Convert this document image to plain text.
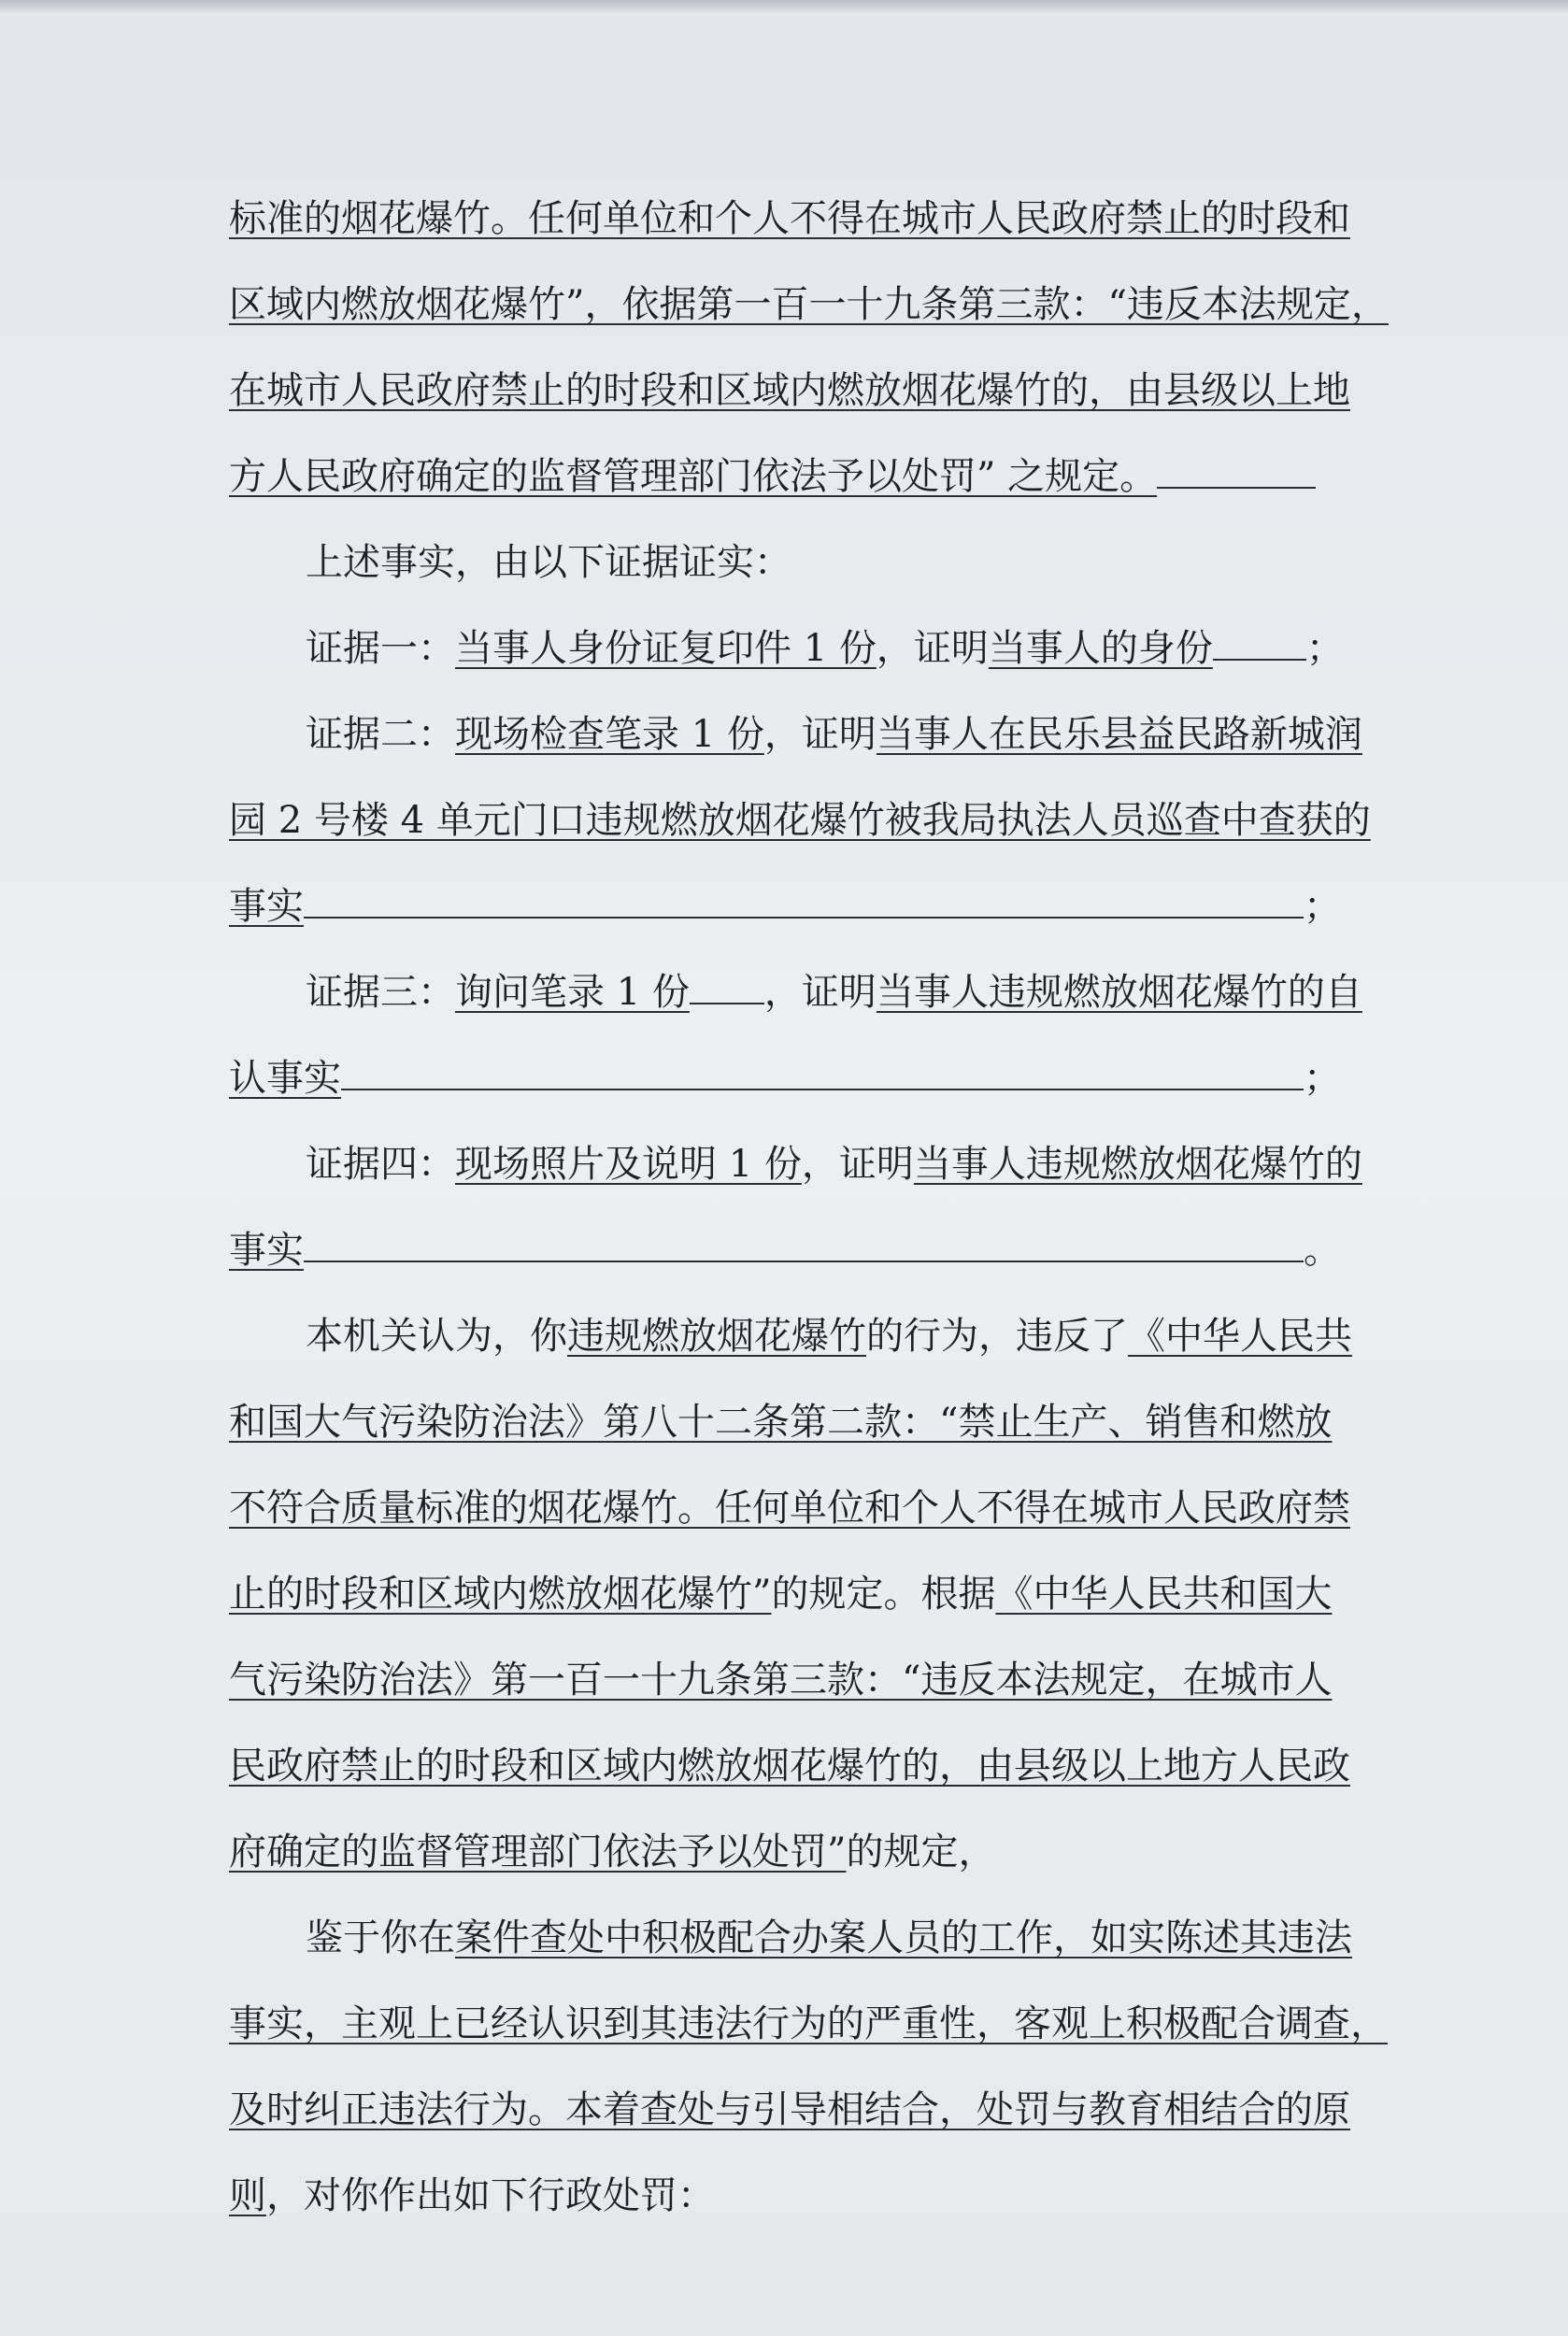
标准的烟花爆竹。任何单位和个人不得在城市人民政府禁止的时段和

区域内燃放烟花爆竹”，依据第一百一十九条第三款：“违反本法规定，

在城市人民政府禁止的时段和区域内燃放烟花爆竹的，由县级以上地

方人民政府确定的监督管理部门依法予以处罚” 之规定。

上述事实，由以下证据证实：

证据一：当事人身份证复印件 1 份，证明当事人的身份	；

证据二：现场检查笔录 1 份，证明当事人在民乐县益民路新城润

园 2 号楼 4 单元门口违规燃放烟花爆竹被我局执法人员巡查中查获的

事实	；

证据三：询问笔录 1 份 ，证明当事人违规燃放烟花爆竹的自

认事实	；

证据四：现场照片及说明 1 份，证明当事人违规燃放烟花爆竹的

事实	。

本机关认为，你违规燃放烟花爆竹的行为，违反了《中华人民共

和国大气污染防治法》第八十二条第二款：“禁止生产、销售和燃放

不符合质量标准的烟花爆竹。任何单位和个人不得在城市人民政府禁

止的时段和区域内燃放烟花爆竹”的规定。根据《中华人民共和国大

气污染防治法》第一百一十九条第三款：“违反本法规定，在城市人

民政府禁止的时段和区域内燃放烟花爆竹的，由县级以上地方人民政

府确定的监督管理部门依法予以处罚”的规定，

鉴于你在案件查处中积极配合办案人员的工作，如实陈述其违法

事实，主观上已经认识到其违法行为的严重性，客观上积极配合调查，

及时纠正违法行为。本着查处与引导相结合，处罚与教育相结合的原

则，对你作出如下行政处罚：
